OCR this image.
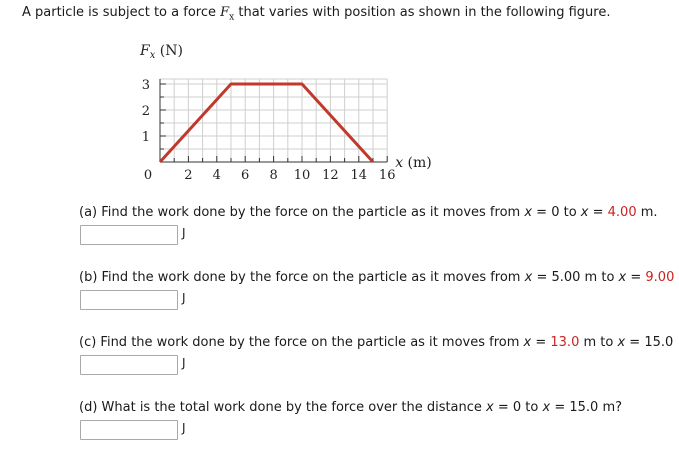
A particle is subject to a force $F_x$ that varies with position as shown in the following figure.
2 4 6 8 10 12 14 16
1
2
3
0
$F_x$ (N)
x (m)
(a) Find the work done by the force on the particle as it moves from x = 0 to x = 4.00 m.
J
(b) Find the work done by the force on the particle as it moves from x = 5.00 m to x = 9.00
J
(c) Find the work done by the force on the particle as it moves from x = 13.0 m to x = 15.0
J
(d) What is the total work done by the force over the distance x = 0 to x = 15.0 m?
J
